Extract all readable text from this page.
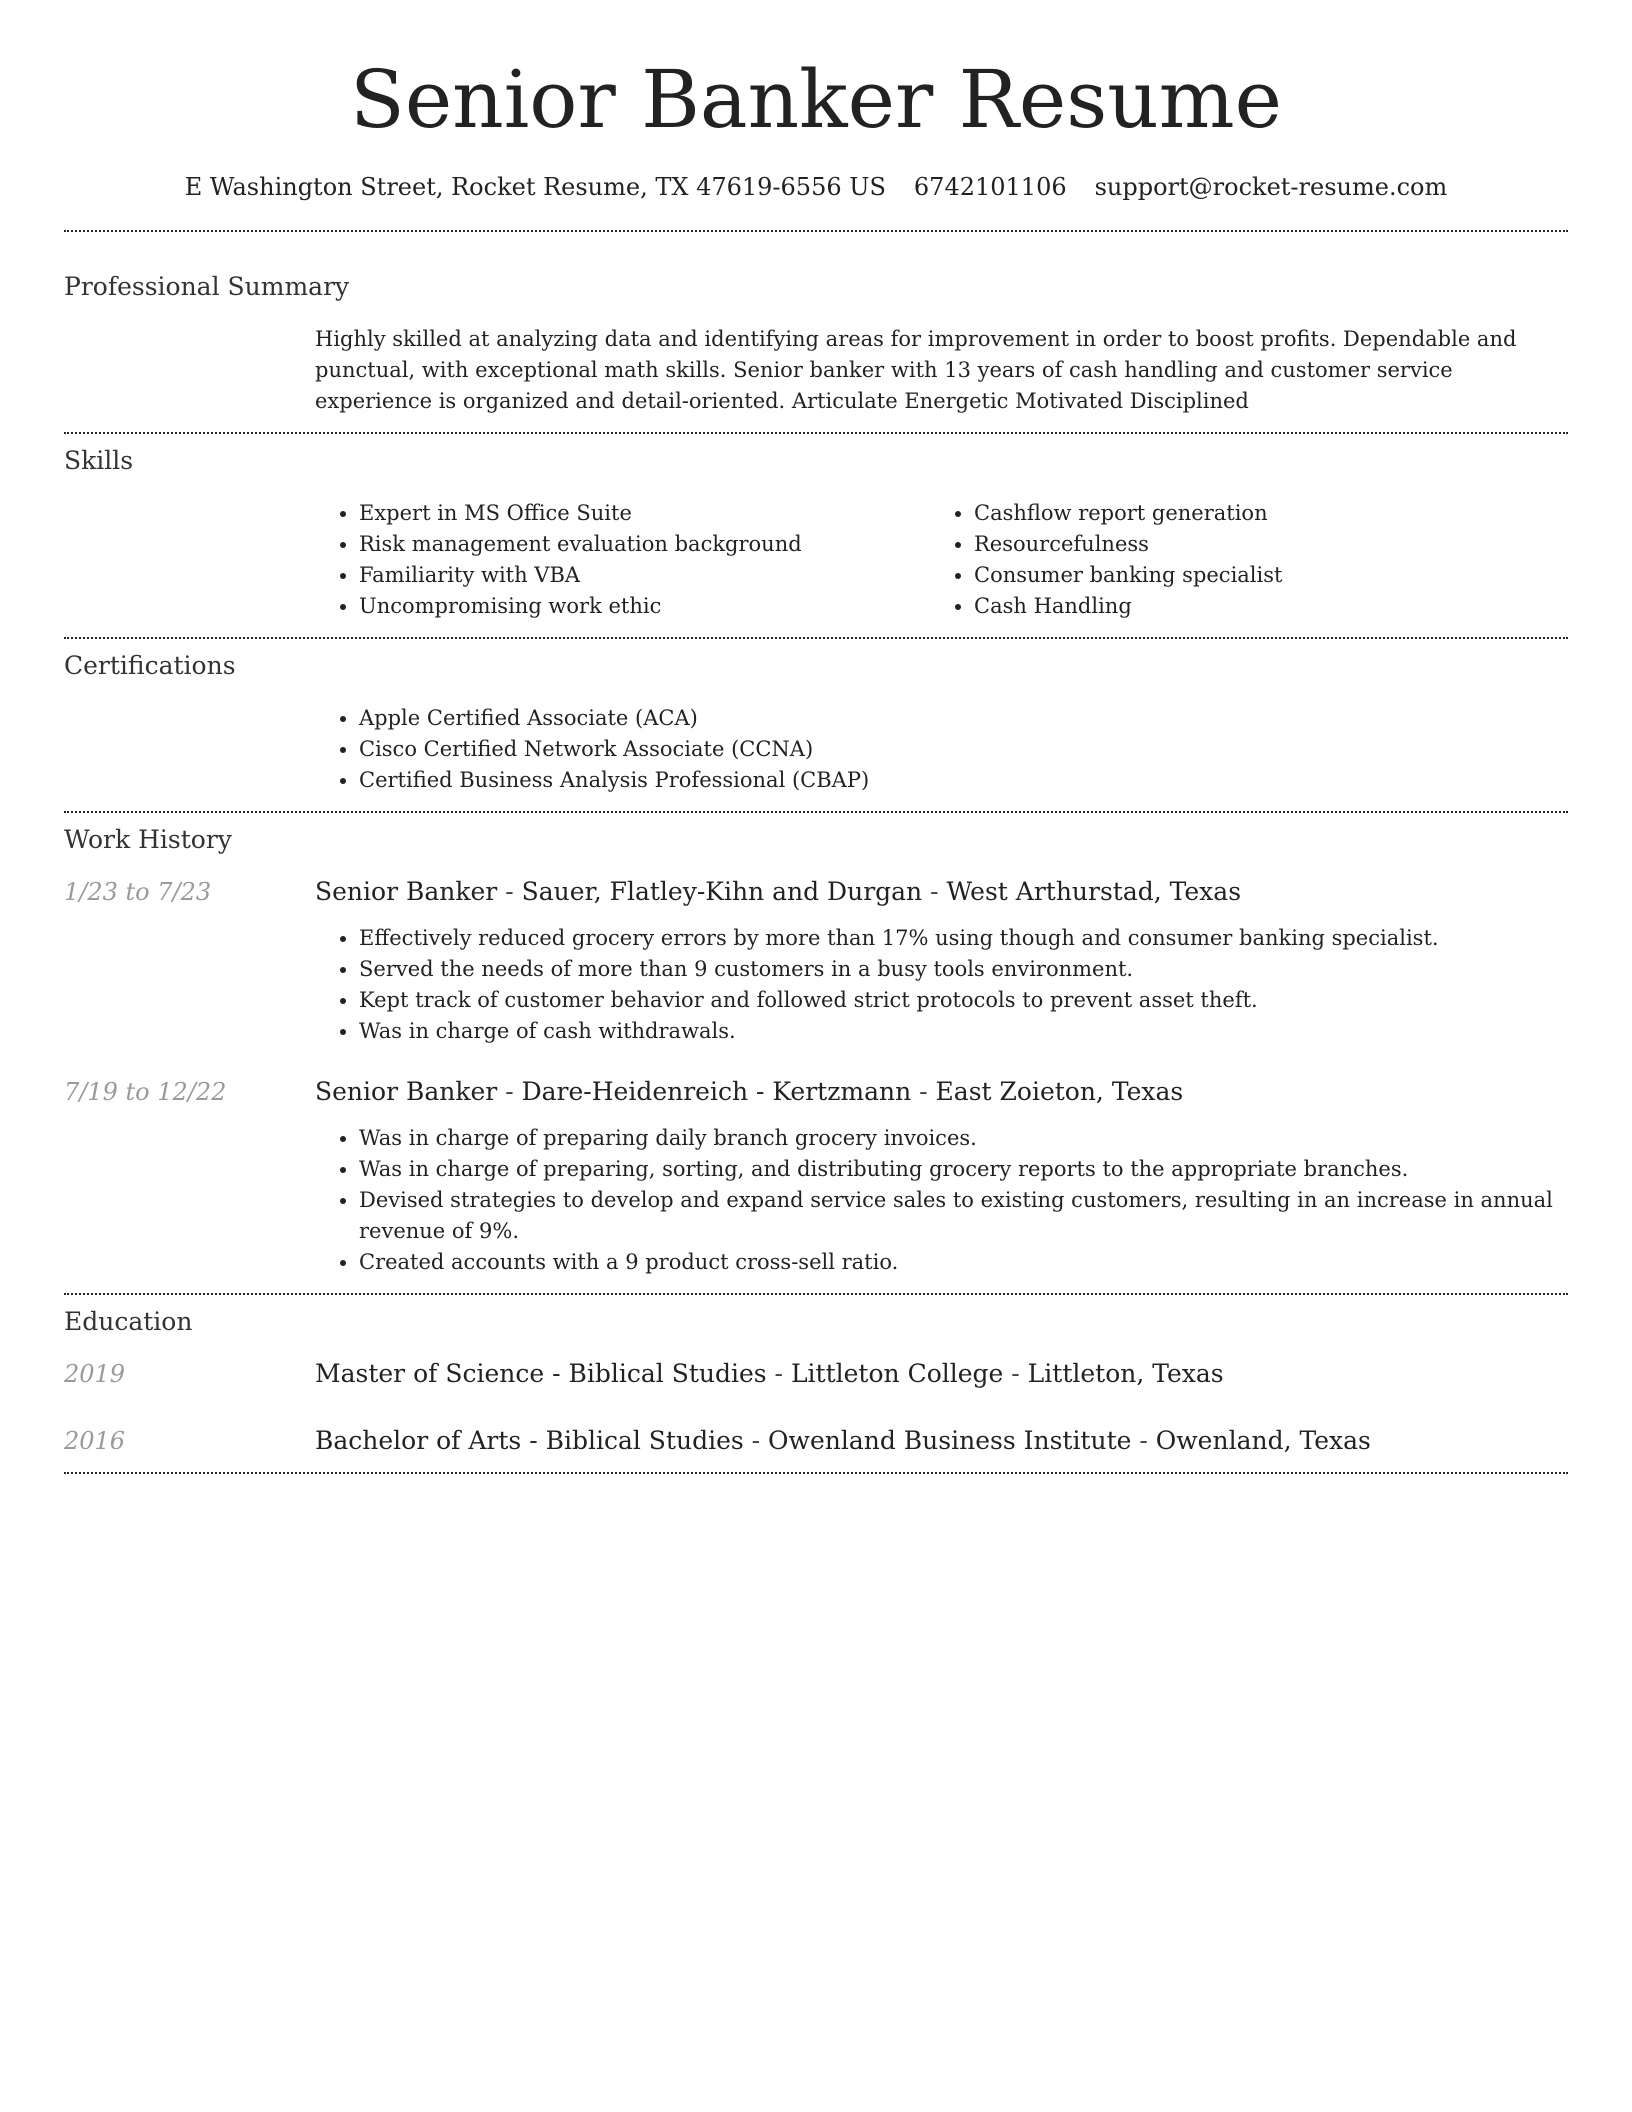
Senior Banker Resume
E Washington Street, Rocket Resume, TX 47619-6556 US 6742101106 support@rocket-resume.com
Professional Summary
Highly skilled at analyzing data and identifying areas for improvement in order to boost profits. Dependable and punctual, with exceptional math skills. Senior banker with 13 years of cash handling and customer service experience is organized and detail-oriented. Articulate Energetic Motivated Disciplined
Skills
• Expert in MS Office Suite
• Risk management evaluation background
• Familiarity with VBA
• Uncompromising work ethic
• Cashflow report generation
• Resourcefulness
• Consumer banking specialist
• Cash Handling
Certifications
• Apple Certified Associate (ACA)
• Cisco Certified Network Associate (CCNA)
• Certified Business Analysis Professional (CBAP)
Work History
1/23 to 7/23	Senior Banker - Sauer, Flatley-Kihn and Durgan - West Arthurstad, Texas
• Effectively reduced grocery errors by more than 17% using though and consumer banking specialist.
• Served the needs of more than 9 customers in a busy tools environment.
• Kept track of customer behavior and followed strict protocols to prevent asset theft.
• Was in charge of cash withdrawals.
7/19 to 12/22	Senior Banker - Dare-Heidenreich - Kertzmann - East Zoieton, Texas
• Was in charge of preparing daily branch grocery invoices.
• Was in charge of preparing, sorting, and distributing grocery reports to the appropriate branches.
• Devised strategies to develop and expand service sales to existing customers, resulting in an increase in annual revenue of 9%.
• Created accounts with a 9 product cross-sell ratio.
Education
2019	Master of Science - Biblical Studies - Littleton College - Littleton, Texas
2016	Bachelor of Arts - Biblical Studies - Owenland Business Institute - Owenland, Texas
